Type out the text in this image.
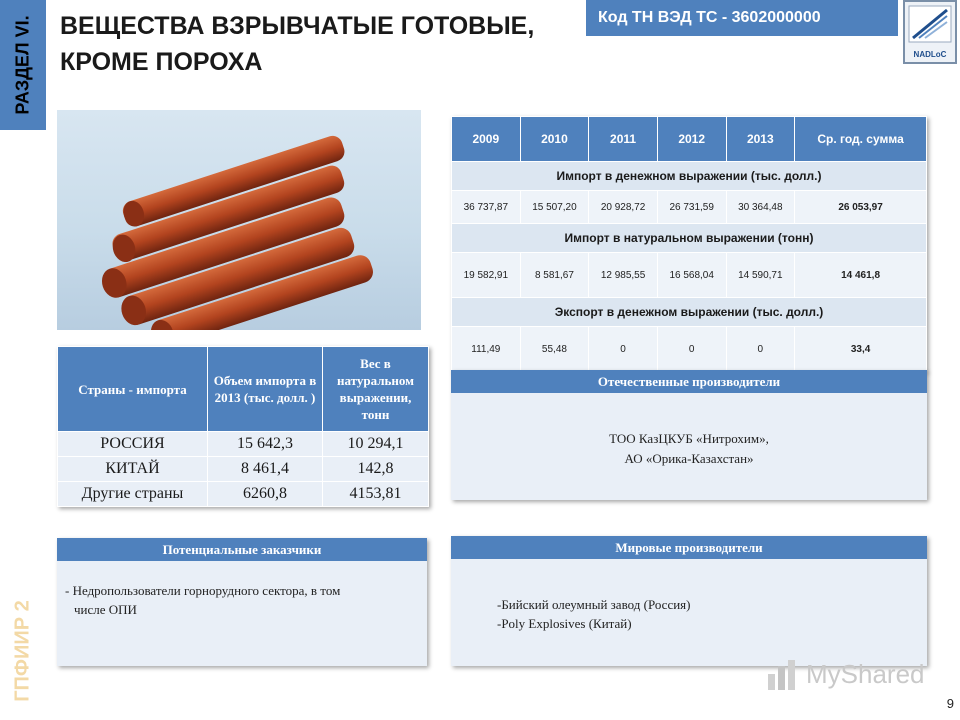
РАЗДЕЛ VI. ВЕЩЕСТВА ВЗРЫВЧАТЫЕ ГОТОВЫЕ,
КРОМЕ ПОРОХА
Код ТН ВЭД ТС - 3602000000
NADLoC
2009	2010	2011	2012	2013	Ср. год. сумма
Импорт в денежном выражении (тыс. долл.)					
36 737,87	15 507,20	20 928,72	26 731,59	30 364,48	26 053,97
Импорт в натуральном выражении (тонн)					
19 582,91	8 581,67	12 985,55	16 568,04	14 590,71	14 461,8
Экспорт в денежном выражении (тыс. долл.)					
111,49	55,48	0	0	0	33,4
Страны - импорта	Объем импорта в 2013 (тыс. долл. )	Вес в натуральном выражении, тонн
РОССИЯ	15 642,3	10 294,1
КИТАЙ	8 461,4	142,8
Другие страны	6260,8	4153,81
Отечественные производители
ТОО КазЦКУБ «Нитрохим»,
АО «Орика-Казахстан»
Потенциальные заказчики
- Недропользователи горнорудного сектора, в том
числе ОПИ
Мировые производители
-Бийский олеумный завод (Россия)
-Poly Explosives (Китай)
ГПФИИР 2	MyShared
9
